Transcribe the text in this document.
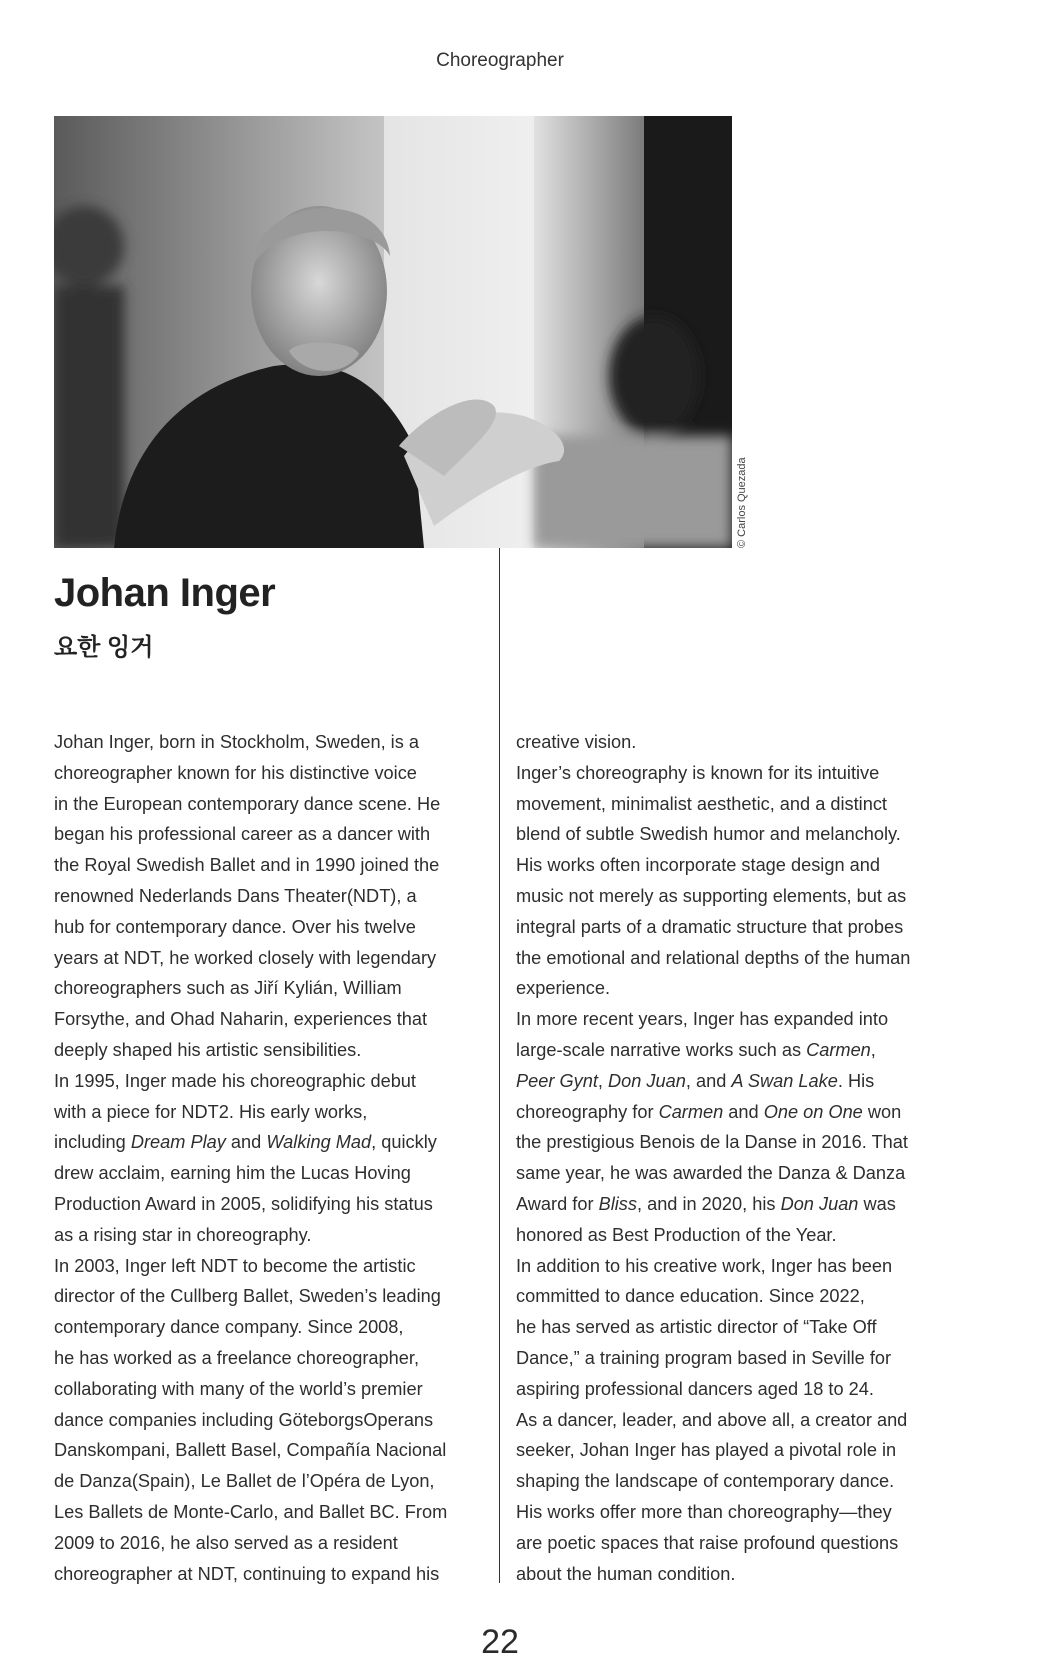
Choreographer
© Carlos Quezada
Johan Inger
요한 잉거
Johan Inger, born in Stockholm, Sweden, is a
choreographer known for his distinctive voice
in the European contemporary dance scene. He
began his professional career as a dancer with
the Royal Swedish Ballet and in 1990 joined the
renowned Nederlands Dans Theater(NDT), a
hub for contemporary dance. Over his twelve
years at NDT, he worked closely with legendary
choreographers such as Jiří Kylián, William
Forsythe, and Ohad Naharin, experiences that
deeply shaped his artistic sensibilities.
In 1995, Inger made his choreographic debut
with a piece for NDT2. His early works,
including Dream Play and Walking Mad, quickly
drew acclaim, earning him the Lucas Hoving
Production Award in 2005, solidifying his status
as a rising star in choreography.
In 2003, Inger left NDT to become the artistic
director of the Cullberg Ballet, Sweden’s leading
contemporary dance company. Since 2008,
he has worked as a freelance choreographer,
collaborating with many of the world’s premier
dance companies including GöteborgsOperans
Danskompani, Ballett Basel, Compañía Nacional
de Danza(Spain), Le Ballet de l’Opéra de Lyon,
Les Ballets de Monte-Carlo, and Ballet BC. From
2009 to 2016, he also served as a resident
choreographer at NDT, continuing to expand his
creative vision.
Inger’s choreography is known for its intuitive
movement, minimalist aesthetic, and a distinct
blend of subtle Swedish humor and melancholy.
His works often incorporate stage design and
music not merely as supporting elements, but as
integral parts of a dramatic structure that probes
the emotional and relational depths of the human
experience.
In more recent years, Inger has expanded into
large-scale narrative works such as Carmen,
Peer Gynt, Don Juan, and A Swan Lake. His
choreography for Carmen and One on One won
the prestigious Benois de la Danse in 2016. That
same year, he was awarded the Danza & Danza
Award for Bliss, and in 2020, his Don Juan was
honored as Best Production of the Year.
In addition to his creative work, Inger has been
committed to dance education. Since 2022,
he has served as artistic director of “Take Off
Dance,” a training program based in Seville for
aspiring professional dancers aged 18 to 24.
As a dancer, leader, and above all, a creator and
seeker, Johan Inger has played a pivotal role in
shaping the landscape of contemporary dance.
His works offer more than choreography—they
are poetic spaces that raise profound questions
about the human condition.
22
